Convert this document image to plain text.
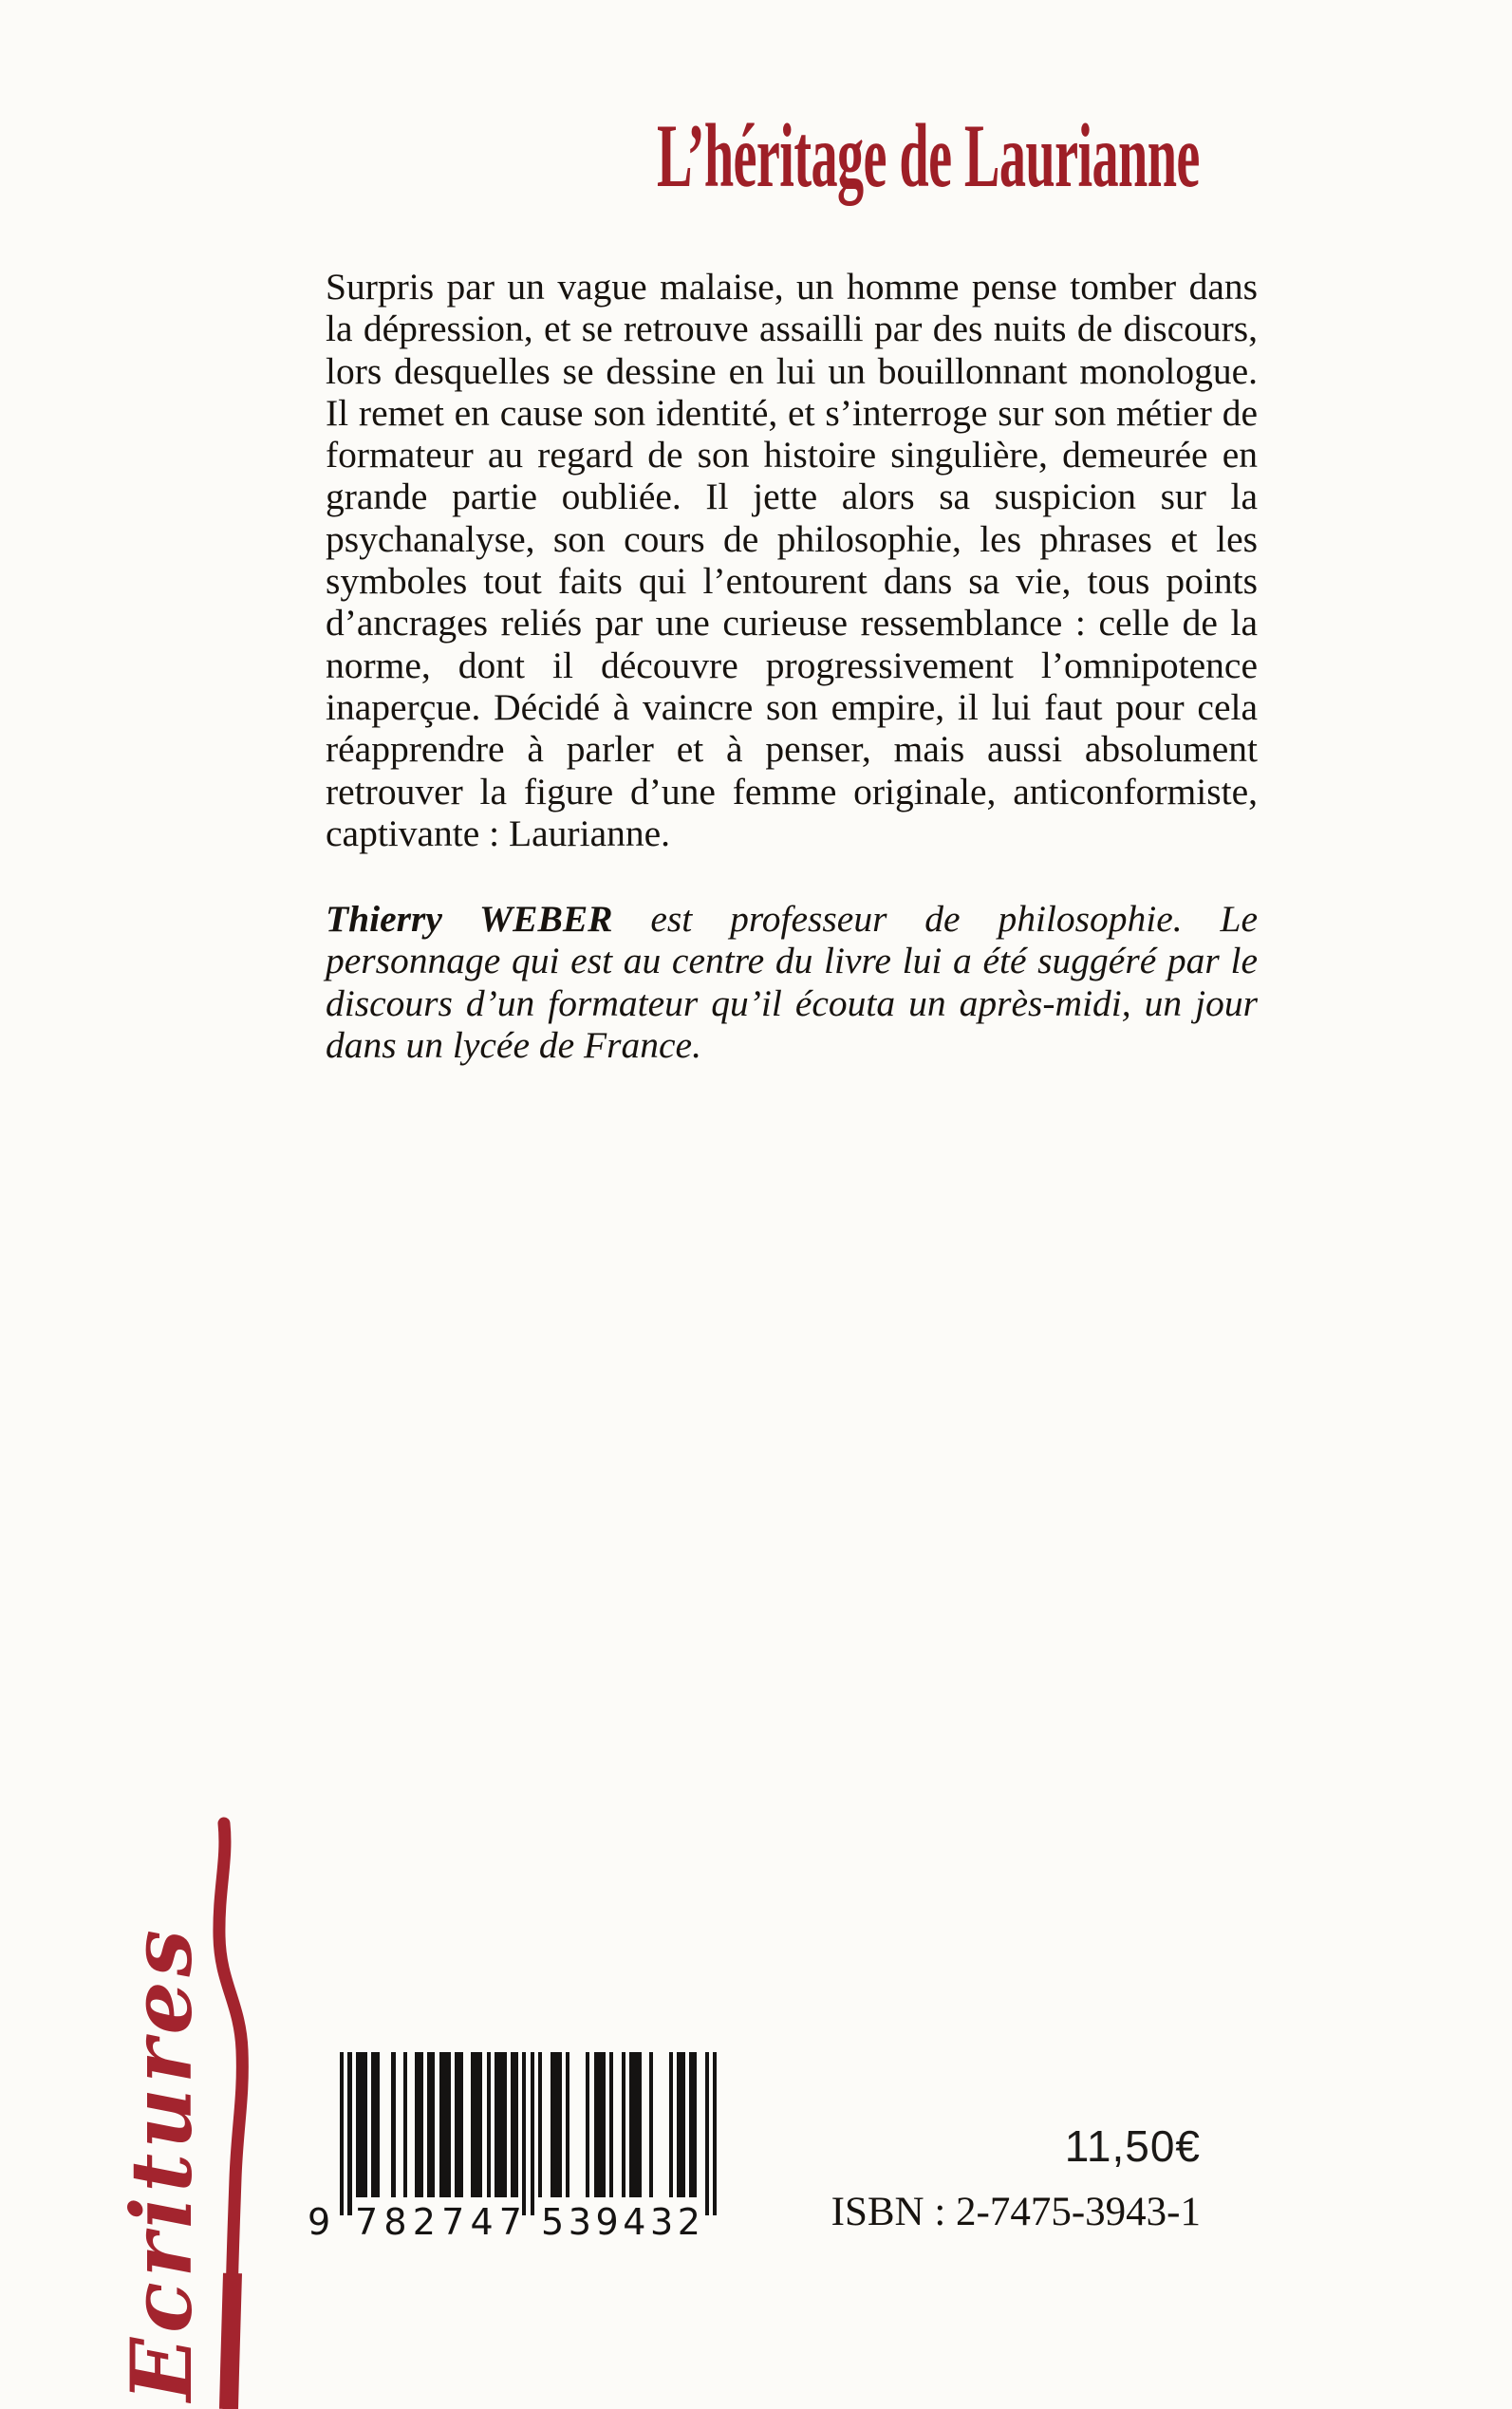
L’héritage de Laurianne
Surpris par un vague malaise, un homme pense tomber dans
la dépression, et se retrouve assailli par des nuits de discours,
lors desquelles se dessine en lui un bouillonnant monologue.
Il remet en cause son identité, et s’interroge sur son métier de
formateur au regard de son histoire singulière, demeurée en
grande partie oubliée. Il jette alors sa suspicion sur la
psychanalyse, son cours de philosophie, les phrases et les
symboles tout faits qui l’entourent dans sa vie, tous points
d’ancrages reliés par une curieuse ressemblance : celle de la
norme, dont il découvre progressivement l’omnipotence
inaperçue. Décidé à vaincre son empire, il lui faut pour cela
réapprendre à parler et à penser, mais aussi absolument
retrouver la figure d’une femme originale, anticonformiste,
captivante : Laurianne.
Thierry WEBER est professeur de philosophie. Le
personnage qui est au centre du livre lui a été suggéré par le
discours d’un formateur qu’il écouta un après-midi, un jour
dans un lycée de France.
9 7 8 2 7 4 7 5 3 9 4 3 2
11,50€
ISBN : 2-7475-3943-1
Ecritures
